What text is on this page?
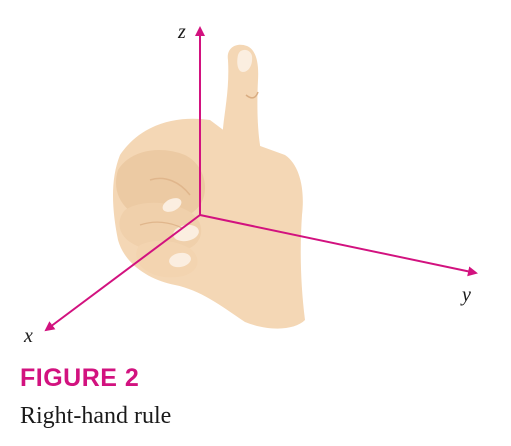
z
y
x
FIGURE 2
Right-hand rule
